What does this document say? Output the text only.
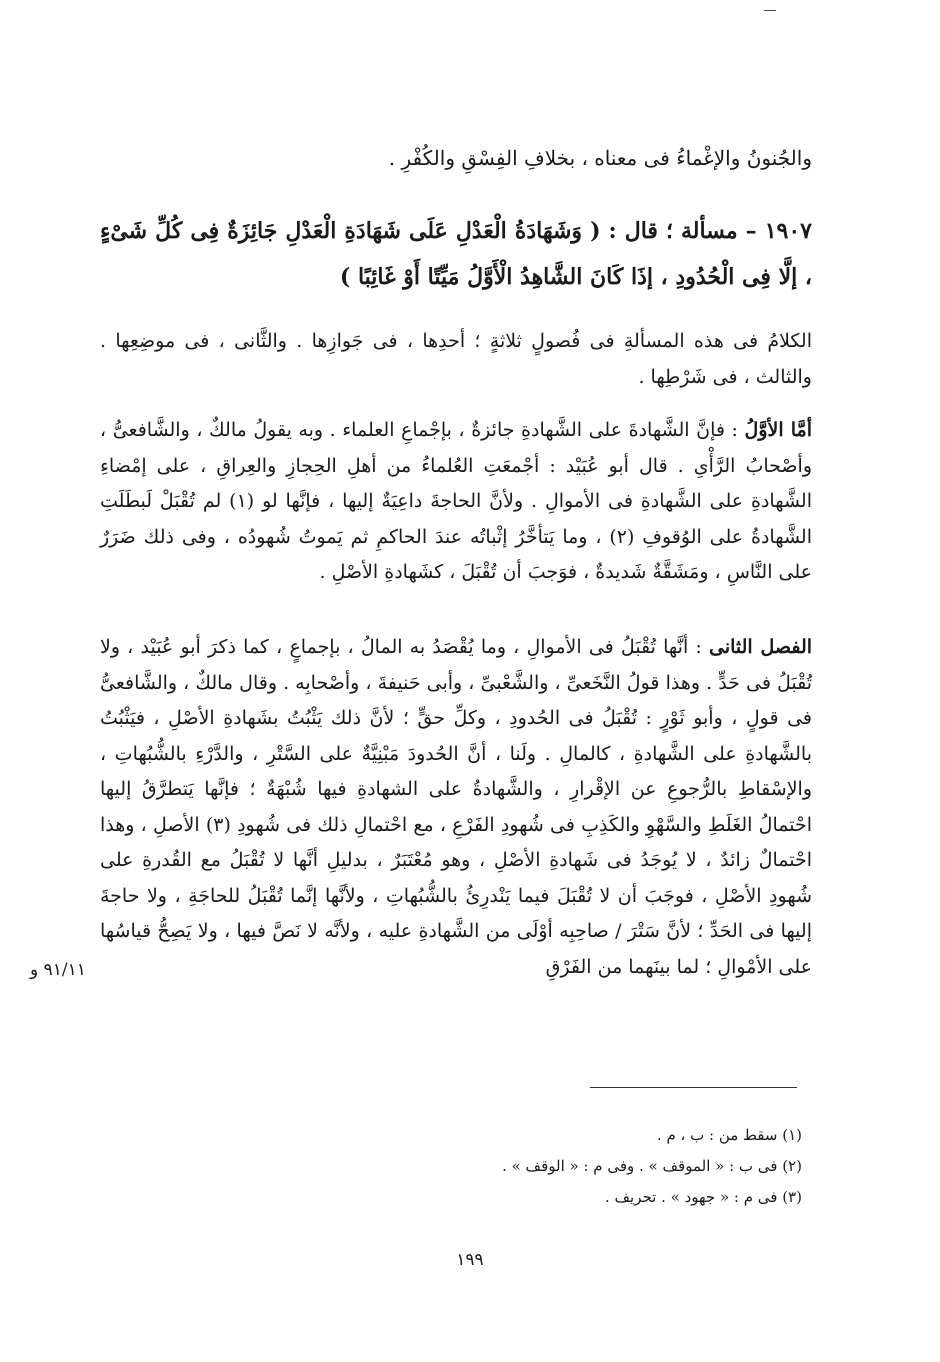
والجُنونُ والإغْماءُ فى معناه ، بخلافِ الفِسْقِ والكُفْرِ .
١٩٠٧ – مسألة ؛ قال : ( وَشَهَادَةُ الْعَدْلِ عَلَى شَهَادَةِ الْعَدْلِ جَائِزَةٌ فِى كُلِّ شَىْءٍ ، إلَّا فِى الْحُدُودِ ، إذَا كَانَ الشَّاهِدُ الْأَوَّلُ مَيِّتًا أَوْ غَائِبًا )

الكلامُ فى هذه المسألةِ فى فُصولٍ ثلاثةٍ ؛ أحدِها ، فى جَوازِها . والثَّانى ، فى موضِعِها . والثالث ، فى شَرْطِها .

أمَّا الأوَّلُ : فإنَّ الشَّهادةَ على الشَّهادةِ جائزةٌ ، بإجْماعِ العلماء . وبه يقولُ مالكٌ ، والشَّافعىُّ ، وأصْحابُ الرَّأْىِ . قال أبو عُبَيْد : أجْمعَتِ العُلماءُ من أهلِ الحِجازِ والعِراقِ ، على إمْضاءِ الشَّهادةِ على الشَّهادةِ فى الأموالِ . ولأنَّ الحاجةَ داعِيَةٌ إليها ، فإنَّها لو (١) لم تُقْبَلْ لَبطَلَتِ الشَّهادةُ على الوُقوفِ (٢) ، وما يَتأخَّرُ إثْباتُه عندَ الحاكمِ ثم يَموتُ شُهودُه ، وفى ذلك ضَرَرٌ على النَّاسِ ، ومَشَقَّةٌ شَديدةٌ ، فوَجبَ أن تُقْبَلَ ، كشَهادةِ الأصْلِ .

الفصل الثانى : أنَّها تُقْبَلُ فى الأموالِ ، وما يُقْصَدُ به المالُ ، بإجماعٍ ، كما ذكرَ أبو عُبَيْد ، ولا تُقْبَلُ فى حَدٍّ . وهذا قولُ النَّخَعىِّ ، والشَّعْبىِّ ، وأبى حَنيفةَ ، وأصْحابِه . وقال مالكٌ ، والشَّافعىُّ فى قولٍ ، وأبو ثَوْرٍ : تُقْبَلُ فى الحُدودِ ، وكلِّ حقٍّ ؛ لأنَّ ذلك يَثْبُتُ بشَهادةِ الأصْلِ ، فيَثْبُتُ بالشَّهادةِ على الشَّهادةِ ، كالمالِ . ولَنا ، أنَّ الحُدودَ مَبْنِيَّةٌ على السَّتْرِ ، والدَّرْءِ بالشُّبُهاتِ ، والإسْقاطِ بالرُّجوعِ عن الإقْرارِ ، والشَّهادةُ على الشهادةِ فيها شُبْهَةٌ ؛ فإنَّها يَتطرَّقُ إليها احْتمالُ الغَلَطِ والسَّهْوِ والكَذِبِ فى شُهودِ الفَرْعِ ، مع احْتمالِ ذلك فى شُهودِ (٣) الأصلِ ، وهذا احْتمالٌ زائدٌ ، لا يُوجَدُ فى شَهادةِ الأصْلِ ، وهو مُعْتَبَرٌ ، بدليلِ أنَّها لا تُقْبَلُ مع القُدرةِ على شُهودِ الأصْلِ ، فوجَبَ أن لا تُقْبَلَ فيما يَنْدرِئُ بالشُّبُهاتِ ، ولأنَّها إنَّما تُقْبَلُ للحاجَةِ ، ولا حاجةَ إليها فى الحَدِّ ؛ لأنَّ سَتْرَ / صاحِبِه أوْلَى من الشَّهادةِ عليه ، ولأنَّه لا نَصَّ فيها ، ولا يَصِحُّ قياسُها على الأمْوالِ ؛ لما بينَهما من الفَرْقِ

٩١/١١ و
(١) سقط من : ب ، م .
(٢) فى ب : « الموقف » . وفى م : « الوقف » .
(٣) فى م : « جهود » . تحريف .
١٩٩
